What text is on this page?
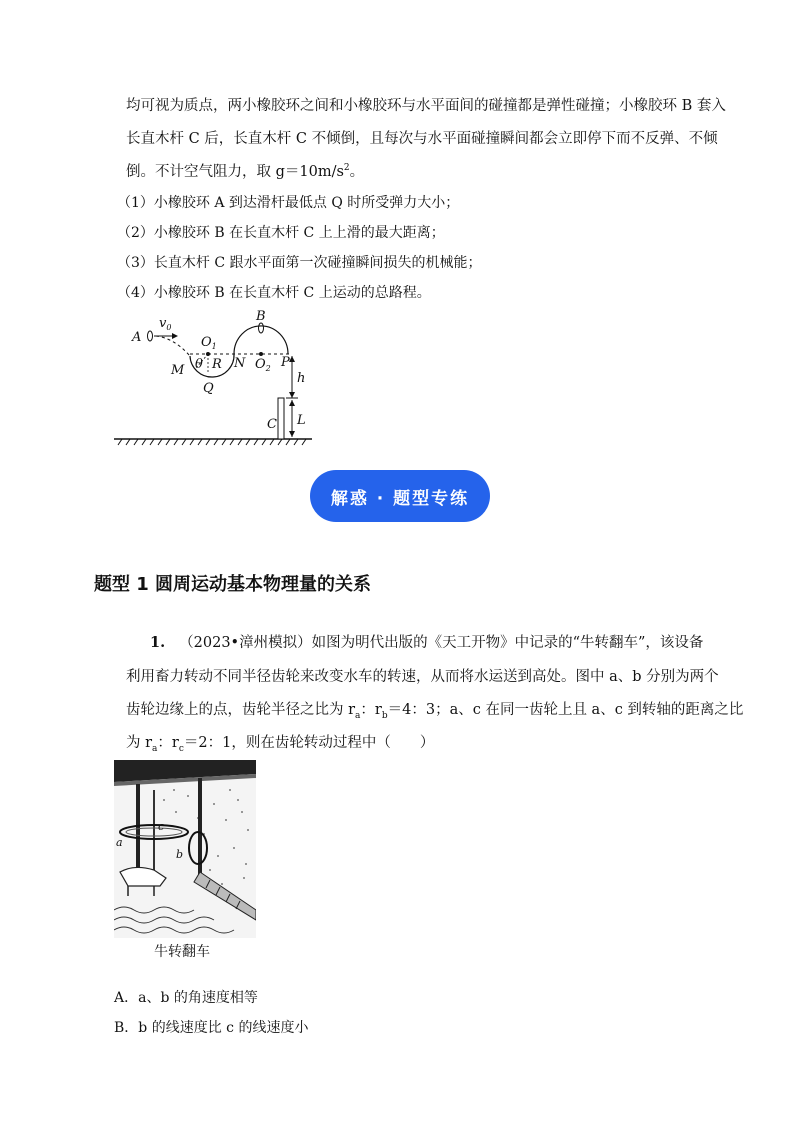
均可视为质点，两小橡胶环之间和小橡胶环与水平面间的碰撞都是弹性碰撞；小橡胶环 B 套入
长直木杆 C 后，长直木杆 C 不倾倒，且每次与水平面碰撞瞬间都会立即停下而不反弹、不倾
倒。不计空气阻力，取 $g=10m/s^2$。
（1）小橡胶环 A 到达滑杆最低点 Q 时所受弹力大小；
（2）小橡胶环 B 在长直木杆 C 上上滑的最大距离；
（3）长直木杆 C 跟水平面第一次碰撞瞬间损失的机械能；
（4）小橡胶环 B 在长直木杆 C 上运动的总路程。
A
$v_0$
$O_1$
B
M θ R N $O_2$ P
Q
h
C L
解惑 · 题型专练
题型 1 圆周运动基本物理量的关系
1. （2023•漳州模拟）如图为明代出版的《天工开物》中记录的“牛转翻车”，该设备
利用畜力转动不同半径齿轮来改变水车的转速，从而将水运送到高处。图中 a、b 分别为两个
齿轮边缘上的点，齿轮半径之比为 $r_a$：$r_b=4$：3；a、c 在同一齿轮上且 a、c 到转轴的距离之比
为 $r_a$：$r_c=2$：1，则在齿轮转动过程中（　　）
c
a
b
牛转翻车
A．a、b 的角速度相等
B．b 的线速度比 c 的线速度小
